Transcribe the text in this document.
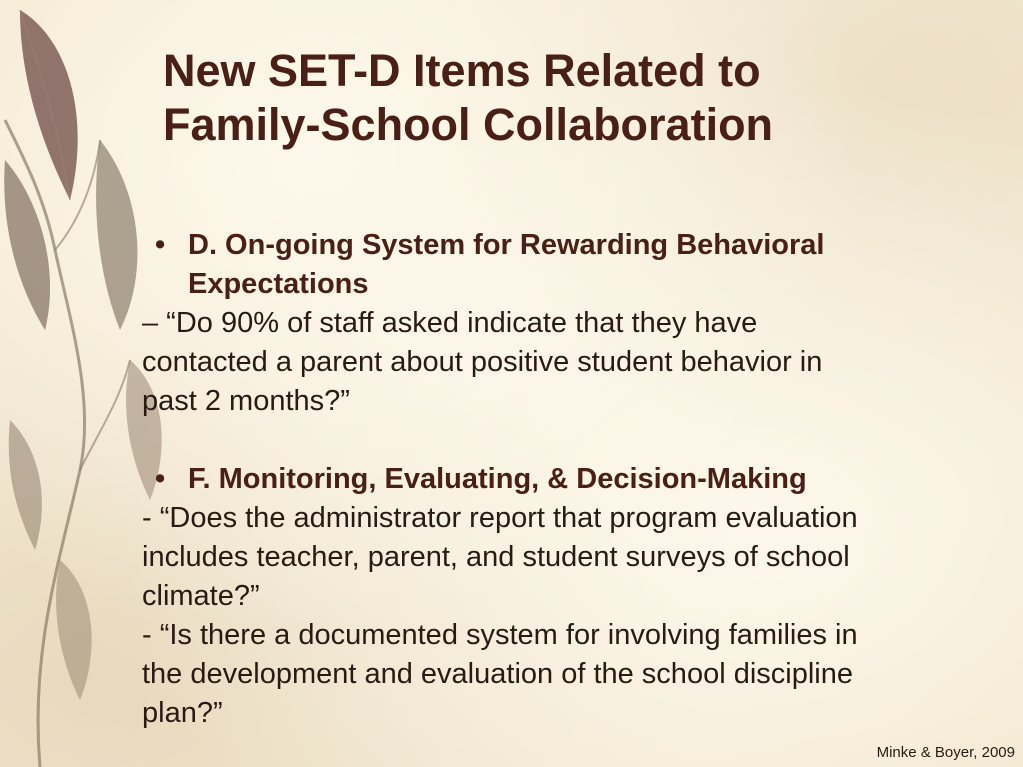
New SET-D Items Related to
Family-School Collaboration
• D. On-going System for Rewarding Behavioral
Expectations
– “Do 90% of staff asked indicate that they have
contacted a parent about positive student behavior in
past 2 months?”
• F. Monitoring, Evaluating, & Decision-Making
- “Does the administrator report that program evaluation
includes teacher, parent, and student surveys of school
climate?”
- “Is there a documented system for involving families in
the development and evaluation of the school discipline
plan?”
Minke & Boyer, 2009
